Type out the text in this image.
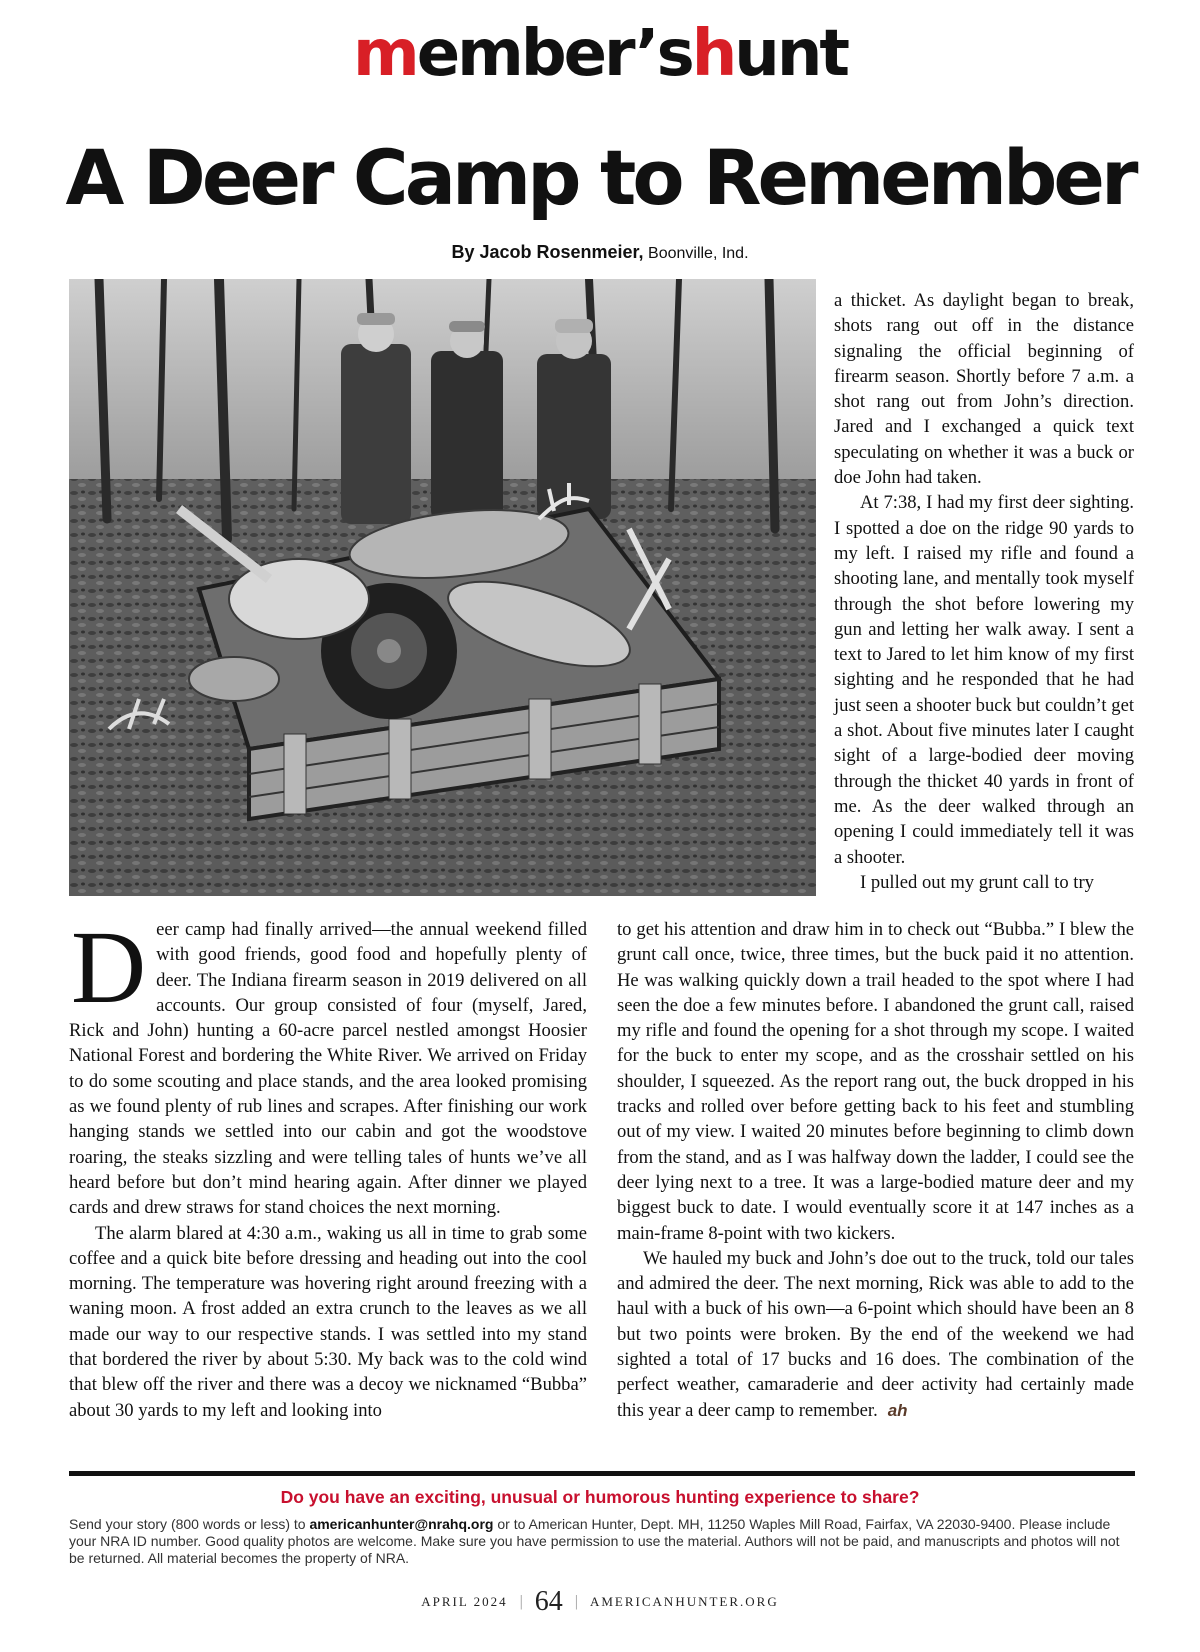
member’shunt
A Deer Camp to Remember
By Jacob Rosenmeier, Boonville, Ind.

a thicket. As daylight began to break, shots rang out off in the distance signaling the official beginning of firearm season. Shortly before 7 a.m. a shot rang out from John’s direction. Jared and I exchanged a quick text speculating on whether it was a buck or doe John had taken.

At 7:38, I had my first deer sighting. I spotted a doe on the ridge 90 yards to my left. I raised my rifle and found a shooting lane, and mentally took myself through the shot before lowering my gun and letting her walk away. I sent a text to Jared to let him know of my first sighting and he responded that he had just seen a shooter buck but couldn’t get a shot. About five minutes later I caught sight of a large-bodied deer moving through the thicket 40 yards in front of me. As the deer walked through an opening I could immediately tell it was a shooter.

I pulled out my grunt call to try

Deer camp had finally arrived—the annual weekend filled with good friends, good food and hopefully plenty of deer. The Indiana firearm season in 2019 delivered on all accounts. Our group consisted of four (myself, Jared, Rick and John) hunting a 60-acre parcel nestled amongst Hoosier National Forest and bordering the White River. We arrived on Friday to do some scouting and place stands, and the area looked promising as we found plenty of rub lines and scrapes. After finishing our work hanging stands we settled into our cabin and got the woodstove roaring, the steaks sizzling and were telling tales of hunts we’ve all heard before but don’t mind hearing again. After dinner we played cards and drew straws for stand choices the next morning.

The alarm blared at 4:30 a.m., waking us all in time to grab some coffee and a quick bite before dressing and heading out into the cool morning. The temperature was hovering right around freezing with a waning moon. A frost added an extra crunch to the leaves as we all made our way to our respective stands. I was settled into my stand that bordered the river by about 5:30. My back was to the cold wind that blew off the river and there was a decoy we nicknamed “Bubba” about 30 yards to my left and looking into

to get his attention and draw him in to check out “Bubba.” I blew the grunt call once, twice, three times, but the buck paid it no attention. He was walking quickly down a trail headed to the spot where I had seen the doe a few minutes before. I abandoned the grunt call, raised my rifle and found the opening for a shot through my scope. I waited for the buck to enter my scope, and as the crosshair settled on his shoulder, I squeezed. As the report rang out, the buck dropped in his tracks and rolled over before getting back to his feet and stumbling out of my view. I waited 20 minutes before beginning to climb down from the stand, and as I was halfway down the ladder, I could see the deer lying next to a tree. It was a large-bodied mature deer and my biggest buck to date. I would eventually score it at 147 inches as a main-frame 8-point with two kickers.

We hauled my buck and John’s doe out to the truck, told our tales and admired the deer. The next morning, Rick was able to add to the haul with a buck of his own—a 6-point which should have been an 8 but two points were broken. By the end of the weekend we had sighted a total of 17 bucks and 16 does. The combination of the perfect weather, camaraderie and deer activity had certainly made this year a deer camp to remember. ah

Do you have an exciting, unusual or humorous hunting experience to share?
Send your story (800 words or less) to americanhunter@nrahq.org or to American Hunter, Dept. MH, 11250 Waples Mill Road, Fairfax, VA 22030-9400. Please include your NRA ID number. Good quality photos are welcome. Make sure you have permission to use the material. Authors will not be paid, and manuscripts and photos will not be returned. All material becomes the property of NRA.
APRIL 2024 | 64 | AMERICANHUNTER.ORG
